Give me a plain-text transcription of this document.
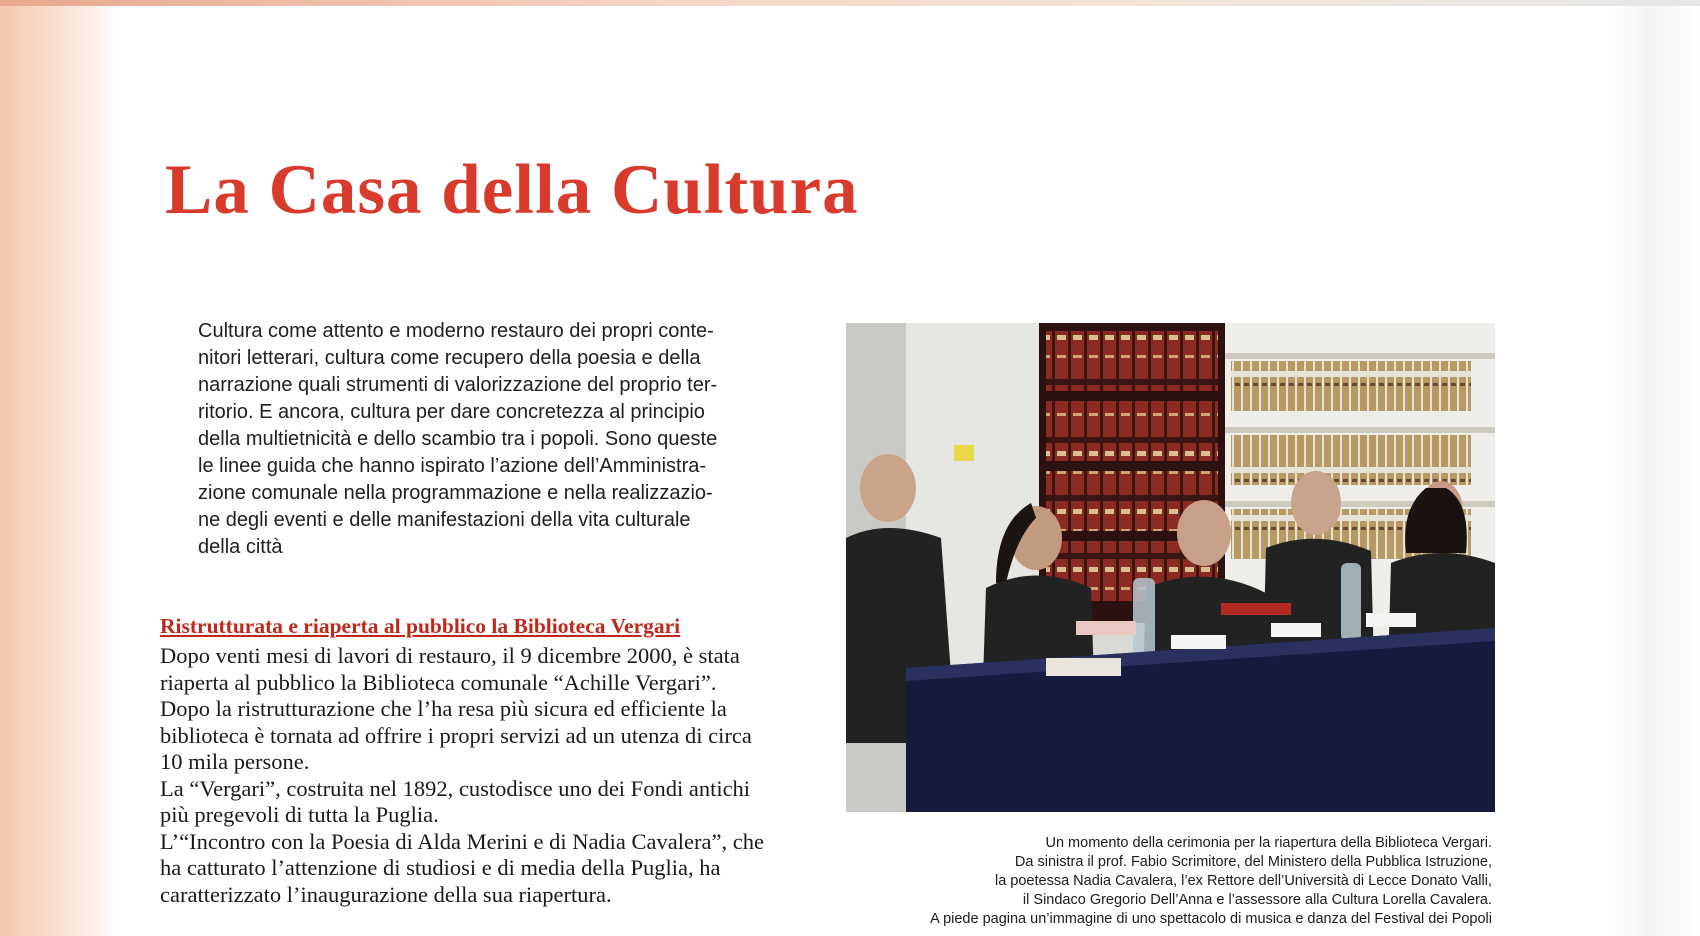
La Casa della Cultura
Cultura come attento e moderno restauro dei propri conte-
nitori letterari, cultura come recupero della poesia e della
narrazione quali strumenti di valorizzazione del proprio ter-
ritorio. E ancora, cultura per dare concretezza al principio
della multietnicità e dello scambio tra i popoli. Sono queste
le linee guida che hanno ispirato l’azione dell’Amministra-
zione comunale nella programmazione e nella realizzazio-
ne degli eventi e delle manifestazioni della vita culturale
della città
Ristrutturata e riaperta al pubblico la Biblioteca Vergari
Dopo venti mesi di lavori di restauro, il 9 dicembre 2000, è stata
riaperta al pubblico la Biblioteca comunale “Achille Vergari”.
Dopo la ristrutturazione che l’ha resa più sicura ed efficiente la
biblioteca è tornata ad offrire i propri servizi ad un utenza di circa
10 mila persone.
La “Vergari”, costruita nel 1892, custodisce uno dei Fondi antichi
più pregevoli di tutta la Puglia.
L’“Incontro con la Poesia di Alda Merini e di Nadia Cavalera”, che
ha catturato l’attenzione di studiosi e di media della Puglia, ha
caratterizzato l’inaugurazione della sua riapertura.
Un momento della cerimonia per la riapertura della Biblioteca Vergari.
Da sinistra il prof. Fabio Scrimitore, del Ministero della Pubblica Istruzione,
la poetessa Nadia Cavalera, l’ex Rettore dell’Università di Lecce Donato Valli,
il Sindaco Gregorio Dell’Anna e l’assessore alla Cultura Lorella Cavalera.
A piede pagina un’immagine di uno spettacolo di musica e danza del Festival dei Popoli
